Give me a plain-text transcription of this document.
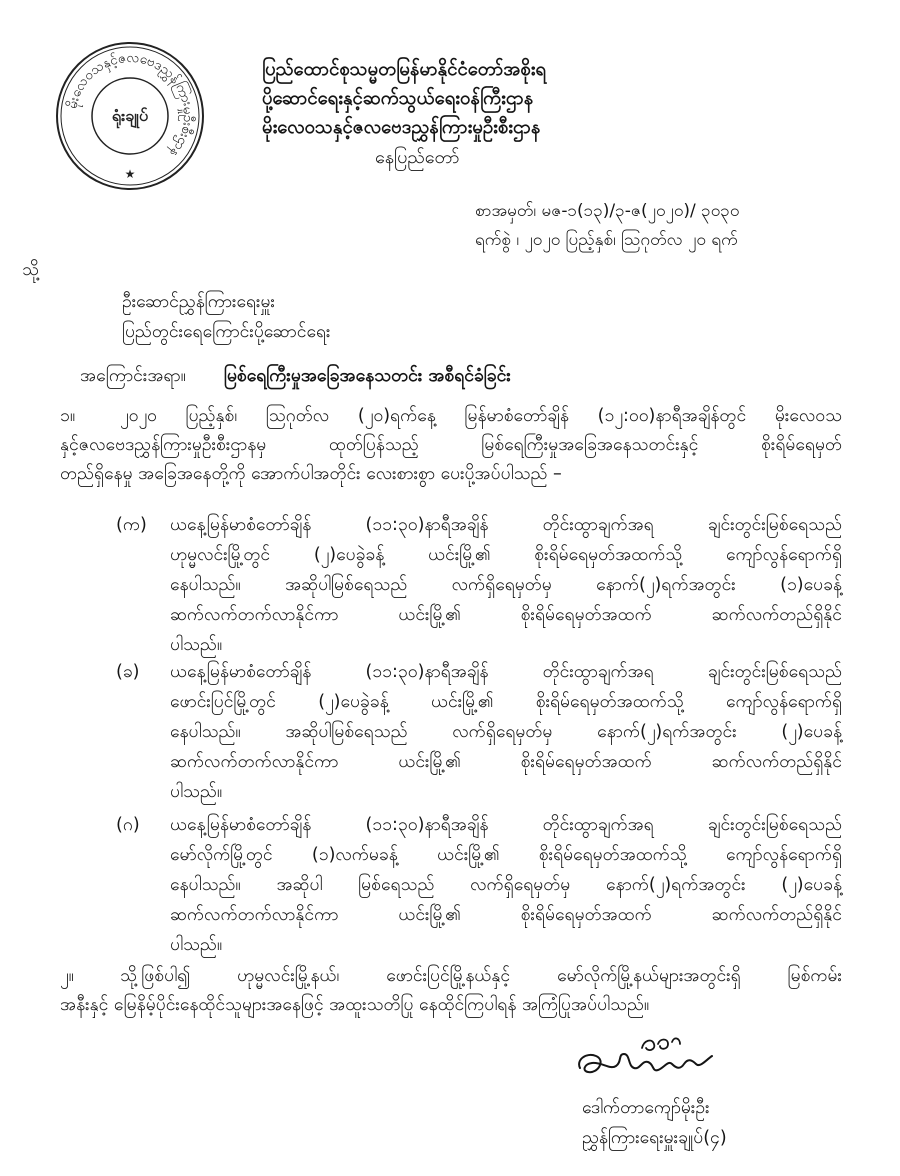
မိုးလေဝသနှင့်ဇလဗေဒညွှန်ကြားမှုဦးစီးဌာန
ရုံးချုပ်
★
ပြည်ထောင်စုသမ္မတမြန်မာနိုင်ငံတော်အစိုးရ
ပို့ဆောင်ရေးနှင့်ဆက်သွယ်ရေးဝန်ကြီးဌာန
မိုးလေဝသနှင့်ဇလဗေဒညွှန်ကြားမှုဦးစီးဌာန
နေပြည်တော်
စာအမှတ်၊ မဇ-၁(၁၃)/၃-ဇ(၂၀၂၀)/ ၃၀၃၀
ရက်စွဲ ၊ ၂၀၂၀ ပြည့်နှစ်၊ ဩဂုတ်လ ၂၀ ရက်
သို့
ဦးဆောင်ညွှန်ကြားရေးမှူး
ပြည်တွင်းရေကြောင်းပို့ဆောင်ရေး
အကြောင်းအရာ။ မြစ်ရေကြီးမှုအခြေအနေသတင်း အစီရင်ခံခြင်း
၁။	၂၀၂၀ ပြည့်နှစ်၊ ဩဂုတ်လ (၂၀)ရက်နေ့ မြန်မာစံတော်ချိန် (၁၂:၀၀)နာရီအချိန်တွင် မိုးလေဝသ
နှင့်ဇလဗေဒညွှန်ကြားမှုဦးစီးဌာနမှ ထုတ်ပြန်သည့် မြစ်ရေကြီးမှုအခြေအနေသတင်းနှင့် စိုးရိမ်ရေမှတ်
တည်ရှိနေမှု အခြေအနေတို့ကို အောက်ပါအတိုင်း လေးစားစွာ ပေးပို့အပ်ပါသည် –
(က) ယနေ့မြန်မာစံတော်ချိန် (၁၁:၃၀)နာရီအချိန် တိုင်းထွာချက်အရ ချင်းတွင်းမြစ်ရေသည်
ဟုမ္မလင်းမြို့တွင် (၂)ပေခွဲခန့် ယင်းမြို့၏ စိုးရိမ်ရေမှတ်အထက်သို့ ကျော်လွန်ရောက်ရှိ
နေပါသည်။ အဆိုပါမြစ်ရေသည် လက်ရှိရေမှတ်မှ နောက်(၂)ရက်အတွင်း (၁)ပေခန့်
ဆက်လက်တက်လာနိုင်ကာ ယင်းမြို့၏ စိုးရိမ်ရေမှတ်အထက် ဆက်လက်တည်ရှိနိုင်
ပါသည်။
(ခ) ယနေ့မြန်မာစံတော်ချိန် (၁၁:၃၀)နာရီအချိန် တိုင်းထွာချက်အရ ချင်းတွင်းမြစ်ရေသည်
ဖောင်းပြင်မြို့တွင် (၂)ပေခွဲခန့် ယင်းမြို့၏ စိုးရိမ်ရေမှတ်အထက်သို့ ကျော်လွန်ရောက်ရှိ
နေပါသည်။ အဆိုပါမြစ်ရေသည် လက်ရှိရေမှတ်မှ နောက်(၂)ရက်အတွင်း (၂)ပေခန့်
ဆက်လက်တက်လာနိုင်ကာ ယင်းမြို့၏ စိုးရိမ်ရေမှတ်အထက် ဆက်လက်တည်ရှိနိုင်
ပါသည်။
(ဂ) ယနေ့မြန်မာစံတော်ချိန် (၁၁:၃၀)နာရီအချိန် တိုင်းထွာချက်အရ ချင်းတွင်းမြစ်ရေသည်
မော်လိုက်မြို့တွင် (၁)လက်မခန့် ယင်းမြို့၏ စိုးရိမ်ရေမှတ်အထက်သို့ ကျော်လွန်ရောက်ရှိ
နေပါသည်။ အဆိုပါ မြစ်ရေသည် လက်ရှိရေမှတ်မှ နောက်(၂)ရက်အတွင်း (၂)ပေခန့်
ဆက်လက်တက်လာနိုင်ကာ ယင်းမြို့၏ စိုးရိမ်ရေမှတ်အထက် ဆက်လက်တည်ရှိနိုင်
ပါသည်။
၂။	သို့ဖြစ်ပါ၍ ဟုမ္မလင်းမြို့နယ်၊ ဖောင်းပြင်မြို့နယ်နှင့် မော်လိုက်မြို့နယ်များအတွင်းရှိ မြစ်ကမ်း
အနီးနှင့် မြေနိမ့်ပိုင်းနေထိုင်သူများအနေဖြင့် အထူးသတိပြု နေထိုင်ကြပါရန် အကြံပြုအပ်ပါသည်။
ဒေါက်တာကျော်မိုးဦး
ညွှန်ကြားရေးမှူးချုပ်(၄)
